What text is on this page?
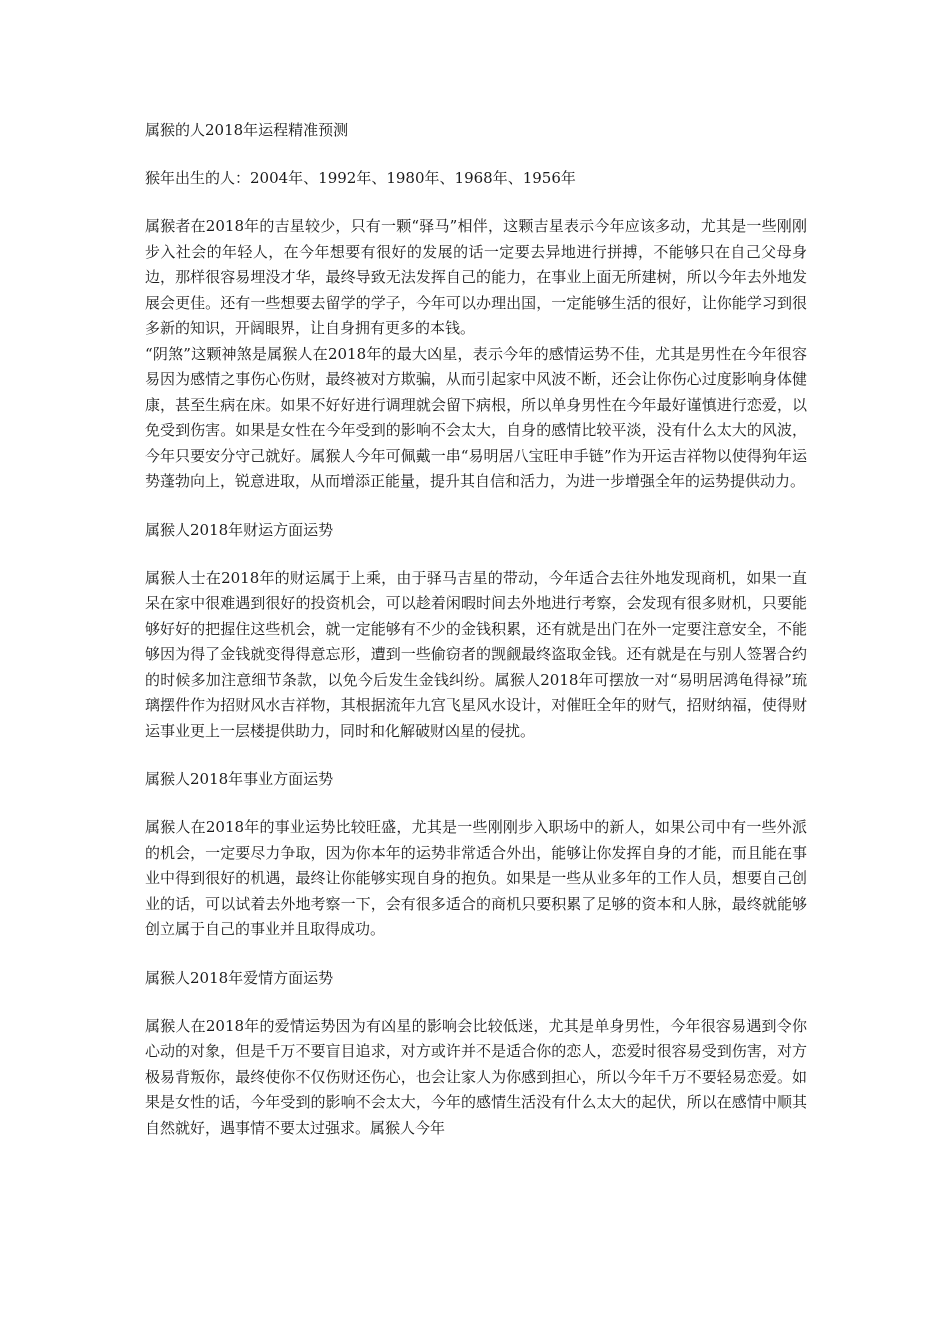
属猴的人2018年运程精准预测

猴年出生的人：2004年、1992年、1980年、1968年、1956年

属猴者在2018年的吉星较少，只有一颗“驿马”相伴，这颗吉星表示今年应该多动，尤其是一些刚刚步入社会的年轻人，在今年想要有很好的发展的话一定要去异地进行拼搏，不能够只在自己父母身边，那样很容易埋没才华，最终导致无法发挥自己的能力，在事业上面无所建树，所以今年去外地发展会更佳。还有一些想要去留学的学子，今年可以办理出国，一定能够生活的很好，让你能学习到很多新的知识，开阔眼界，让自身拥有更多的本钱。

“阴煞”这颗神煞是属猴人在2018年的最大凶星，表示今年的感情运势不佳，尤其是男性在今年很容易因为感情之事伤心伤财，最终被对方欺骗，从而引起家中风波不断，还会让你伤心过度影响身体健康，甚至生病在床。如果不好好进行调理就会留下病根，所以单身男性在今年最好谨慎进行恋爱，以免受到伤害。如果是女性在今年受到的影响不会太大，自身的感情比较平淡，没有什么太大的风波，今年只要安分守己就好。属猴人今年可佩戴一串“易明居八宝旺申手链”作为开运吉祥物以使得狗年运势蓬勃向上，锐意进取，从而增添正能量，提升其自信和活力，为进一步增强全年的运势提供动力。

属猴人2018年财运方面运势

属猴人士在2018年的财运属于上乘，由于驿马吉星的带动，今年适合去往外地发现商机，如果一直呆在家中很难遇到很好的投资机会，可以趁着闲暇时间去外地进行考察，会发现有很多财机，只要能够好好的把握住这些机会，就一定能够有不少的金钱积累，还有就是出门在外一定要注意安全，不能够因为得了金钱就变得得意忘形，遭到一些偷窃者的觊觎最终盗取金钱。还有就是在与别人签署合约的时候多加注意细节条款，以免今后发生金钱纠纷。属猴人2018年可摆放一对“易明居鸿龟得禄”琉璃摆件作为招财风水吉祥物，其根据流年九宫飞星风水设计，对催旺全年的财气，招财纳福，使得财运事业更上一层楼提供助力，同时和化解破财凶星的侵扰。

属猴人2018年事业方面运势

属猴人在2018年的事业运势比较旺盛，尤其是一些刚刚步入职场中的新人，如果公司中有一些外派的机会，一定要尽力争取，因为你本年的运势非常适合外出，能够让你发挥自身的才能，而且能在事业中得到很好的机遇，最终让你能够实现自身的抱负。如果是一些从业多年的工作人员，想要自己创业的话，可以试着去外地考察一下，会有很多适合的商机只要积累了足够的资本和人脉，最终就能够创立属于自己的事业并且取得成功。

属猴人2018年爱情方面运势

属猴人在2018年的爱情运势因为有凶星的影响会比较低迷，尤其是单身男性，今年很容易遇到令你心动的对象，但是千万不要盲目追求，对方或许并不是适合你的恋人，恋爱时很容易受到伤害，对方极易背叛你，最终使你不仅伤财还伤心，也会让家人为你感到担心，所以今年千万不要轻易恋爱。如果是女性的话，今年受到的影响不会太大，今年的感情生活没有什么太大的起伏，所以在感情中顺其自然就好，遇事情不要太过强求。属猴人今年
